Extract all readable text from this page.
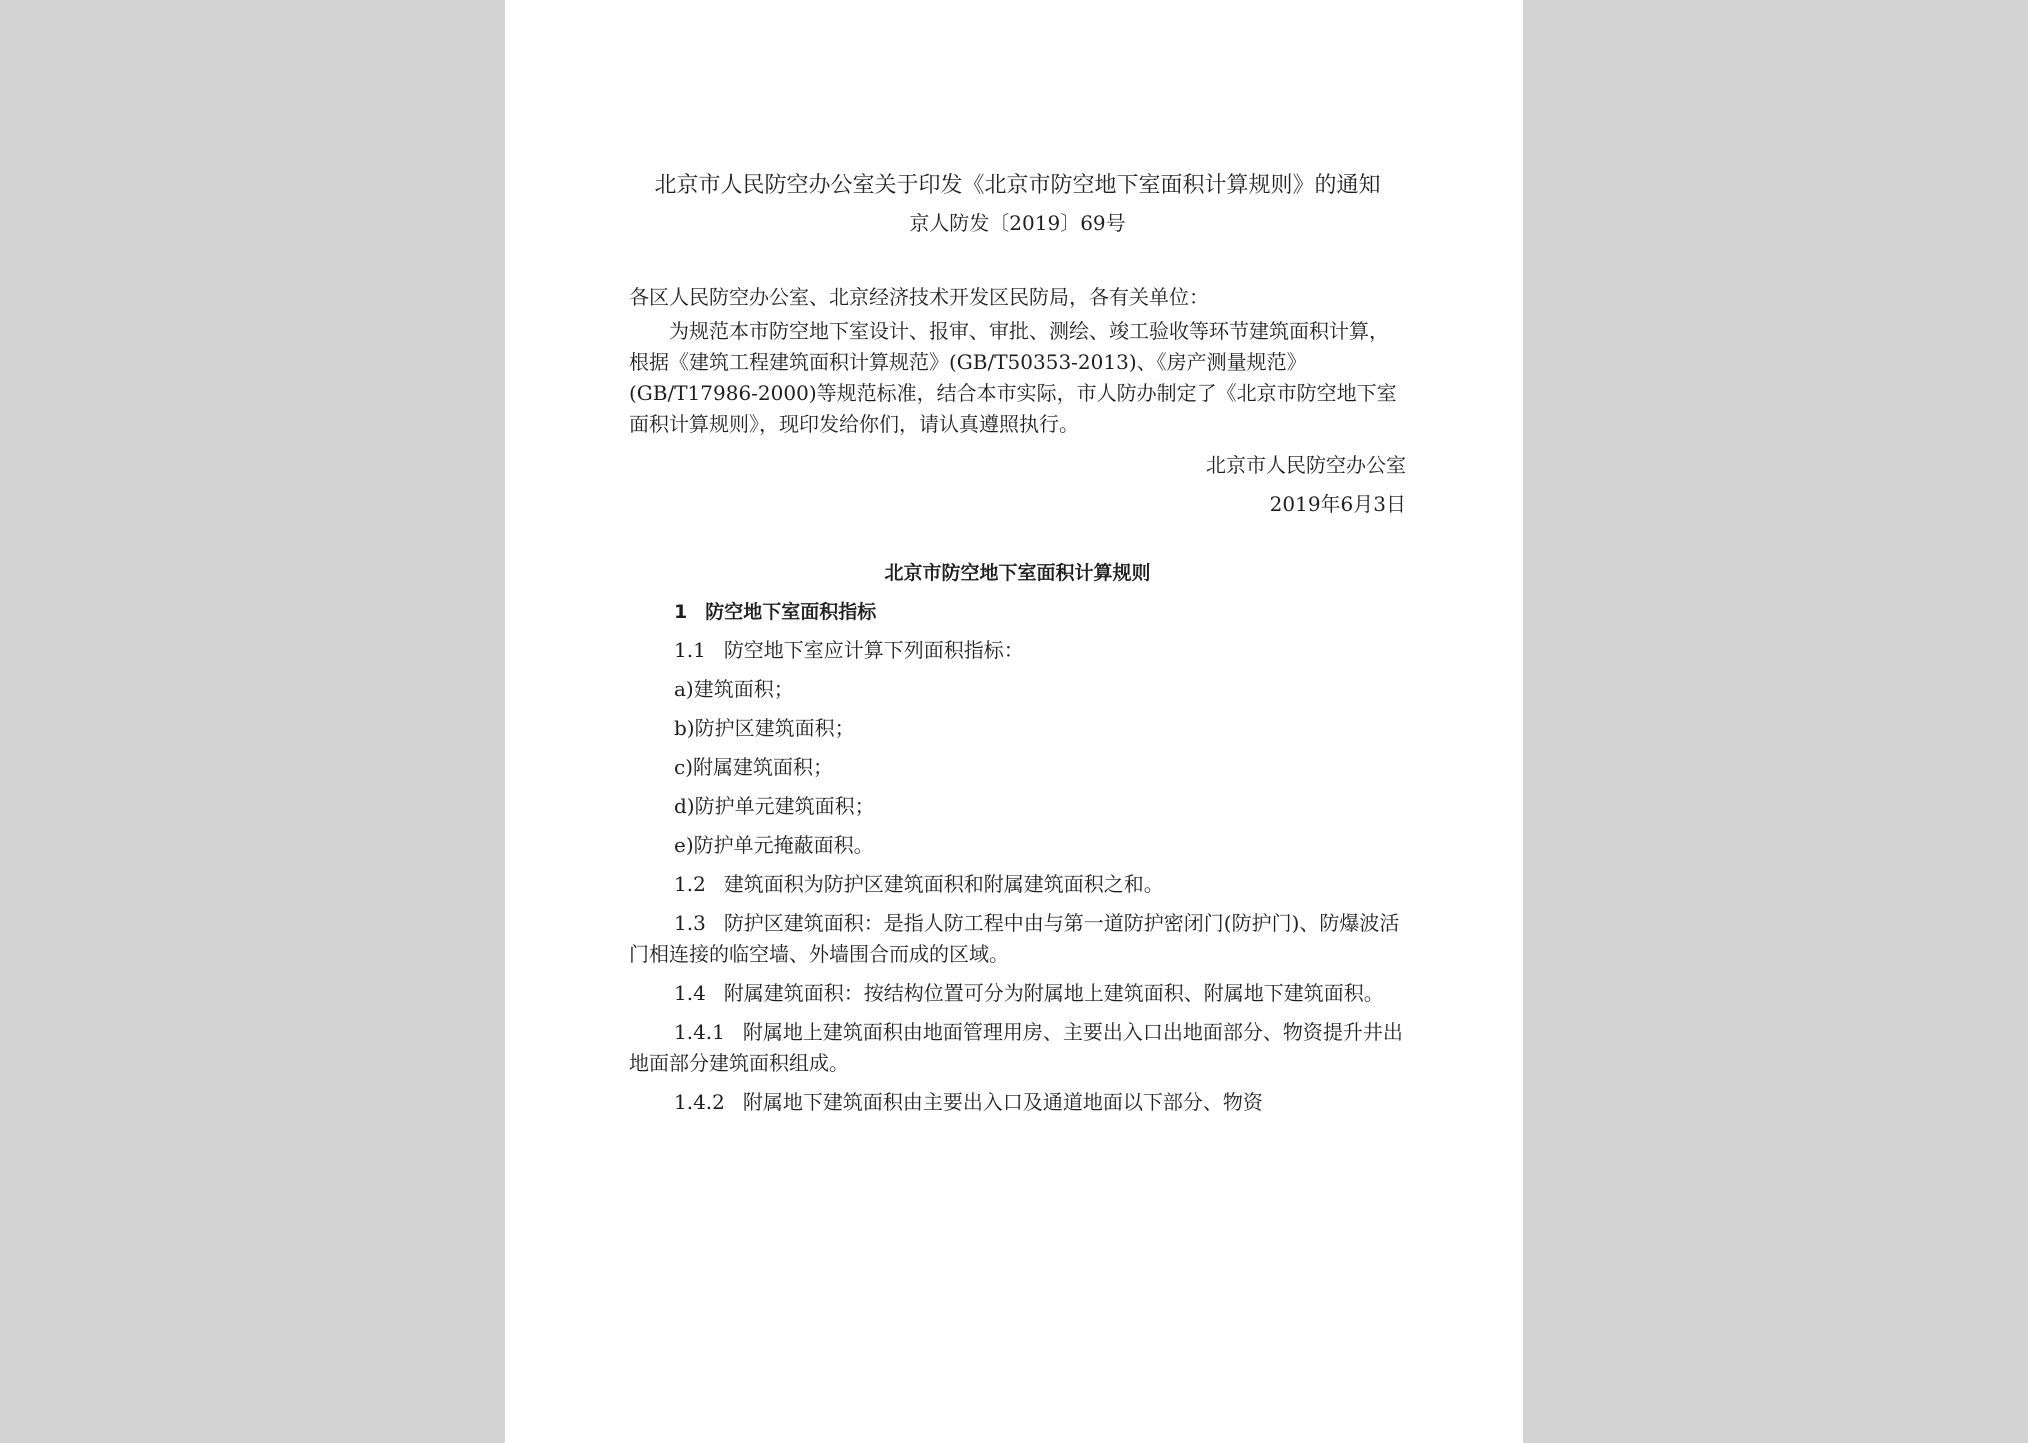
北京市人民防空办公室关于印发《北京市防空地下室面积计算规则》的通知
京人防发〔2019〕69号
各区人民防空办公室、北京经济技术开发区民防局，各有关单位：
为规范本市防空地下室设计、报审、审批、测绘、竣工验收等环节建筑面积计算，根据《建筑工程建筑面积计算规范》(GB/T50353-2013)、《房产测量规范》(GB/T17986-2000)等规范标准，结合本市实际，市人防办制定了《北京市防空地下室面积计算规则》，现印发给你们，请认真遵照执行。
北京市人民防空办公室
2019年6月3日
北京市防空地下室面积计算规则
1 防空地下室面积指标
1.1 防空地下室应计算下列面积指标：
a)建筑面积；
b)防护区建筑面积；
c)附属建筑面积；
d)防护单元建筑面积；
e)防护单元掩蔽面积。
1.2 建筑面积为防护区建筑面积和附属建筑面积之和。
1.3 防护区建筑面积：是指人防工程中由与第一道防护密闭门(防护门)、防爆波活门相连接的临空墙、外墙围合而成的区域。
1.4 附属建筑面积：按结构位置可分为附属地上建筑面积、附属地下建筑面积。
1.4.1 附属地上建筑面积由地面管理用房、主要出入口出地面部分、物资提升井出地面部分建筑面积组成。
1.4.2 附属地下建筑面积由主要出入口及通道地面以下部分、物资
